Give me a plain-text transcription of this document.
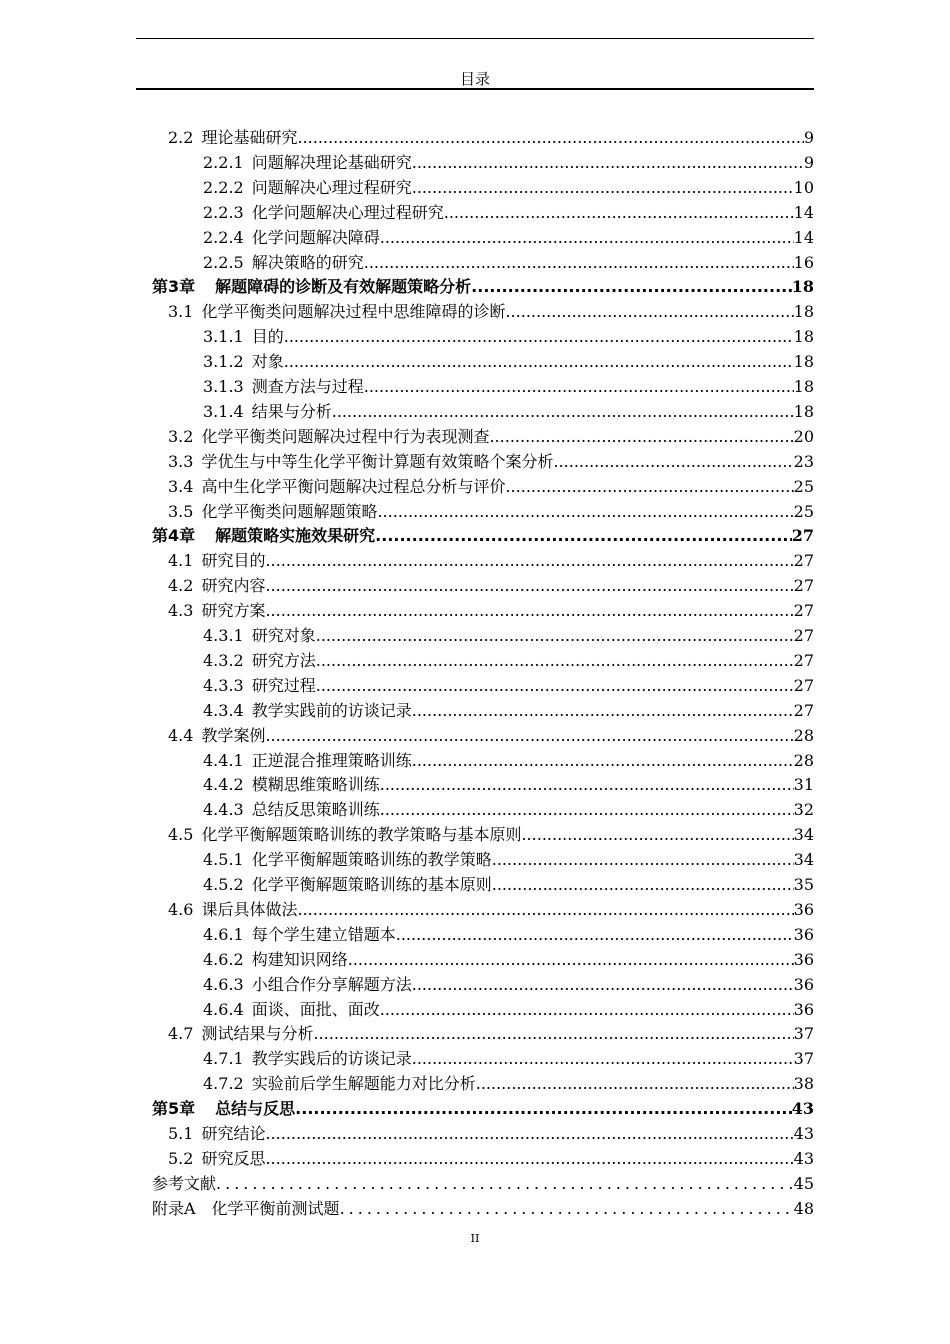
目录
2.2 理论基础研究 .....	9
2.2.1 问题解决理论基础研究 .....	9
2.2.2 问题解决心理过程研究 .....	10
2.2.3 化学问题解决心理过程研究 .....	14
2.2.4 化学问题解决障碍 .....	14
2.2.5 解决策略的研究 .....	16
第3章 解题障碍的诊断及有效解题策略分析 .....	18
3.1 化学平衡类问题解决过程中思维障碍的诊断 .....	18
3.1.1 目的 .....	18
3.1.2 对象 .....	18
3.1.3 测查方法与过程 .....	18
3.1.4 结果与分析 .....	18
3.2 化学平衡类问题解决过程中行为表现测查 .....	20
3.3 学优生与中等生化学平衡计算题有效策略个案分析 .....	23
3.4 高中生化学平衡问题解决过程总分析与评价 .....	25
3.5 化学平衡类问题解题策略 .....	25
第4章 解题策略实施效果研究 .....	27
4.1 研究目的 .....	27
4.2 研究内容 .....	27
4.3 研究方案 .....	27
4.3.1 研究对象 .....	27
4.3.2 研究方法 .....	27
4.3.3 研究过程 .....	27
4.3.4 教学实践前的访谈记录 .....	27
4.4 教学案例 .....	28
4.4.1 正逆混合推理策略训练 .....	28
4.4.2 模糊思维策略训练 .....	31
4.4.3 总结反思策略训练 .....	32
4.5 化学平衡解题策略训练的教学策略与基本原则 .....	34
4.5.1 化学平衡解题策略训练的教学策略 .....	34
4.5.2 化学平衡解题策略训练的基本原则 .....	35
4.6 课后具体做法 .....	36
4.6.1 每个学生建立错题本 .....	36
4.6.2 构建知识网络 .....	36
4.6.3 小组合作分享解题方法 .....	36
4.6.4 面谈、面批、面改 .....	36
4.7 测试结果与分析 .....	37
4.7.1 教学实践后的访谈记录 .....	37
4.7.2 实验前后学生解题能力对比分析 .....	38
第5章 总结与反思 .....	43
5.1 研究结论 .....	43
5.2 研究反思 .....	43
参考文献 .....	45
附录A　化学平衡前测试题 .....	48
II
